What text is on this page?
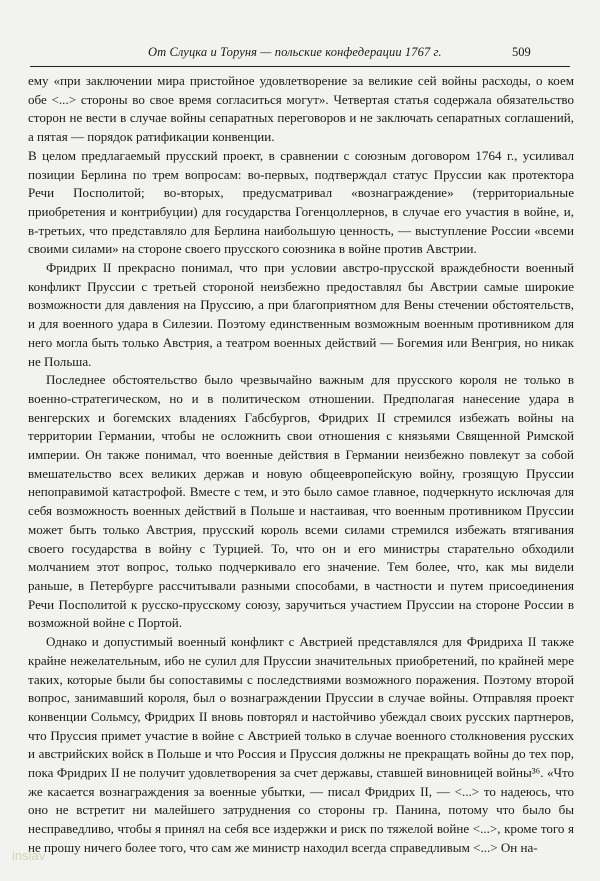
От Слуцка и Торуня — польские конфедерации 1767 г.	509

ему «при заключении мира пристойное удовлетворение за великие сей войны расходы, о коем обе <...> стороны во свое время согласиться могут». Четвертая статья содержала обязательство сторон не вести в случае войны сепаратных переговоров и не заключать сепаратных соглашений, а пятая — порядок ратификации конвенции.

В целом предлагаемый прусский проект, в сравнении с союзным договором 1764 г., усиливал позиции Берлина по трем вопросам: во-первых, подтверждал статус Пруссии как протектора Речи Посполитой; во-вторых, предусматривал «вознаграждение» (территориальные приобретения и контрибуции) для государства Гогенцоллернов, в случае его участия в войне, и, в-третьих, что представляло для Берлина наибольшую ценность, — выступление России «всеми своими силами» на стороне своего прусского союзника в войне против Австрии.

Фридрих II прекрасно понимал, что при условии австро-прусской враждебности военный конфликт Пруссии с третьей стороной неизбежно предоставлял бы Австрии самые широкие возможности для давления на Пруссию, а при благоприятном для Вены стечении обстоятельств, и для военного удара в Силезии. Поэтому единственным возможным военным противником для него могла быть только Австрия, а театром военных действий — Богемия или Венгрия, но никак не Польша.

Последнее обстоятельство было чрезвычайно важным для прусского короля не только в военно-стратегическом, но и в политическом отношении. Предполагая нанесение удара в венгерских и богемских владениях Габсбургов, Фридрих II стремился избежать войны на территории Германии, чтобы не осложнить свои отношения с князьями Священной Римской империи. Он также понимал, что военные действия в Германии неизбежно повлекут за собой вмешательство всех великих держав и новую общеевропейскую войну, грозящую Пруссии непоправимой катастрофой. Вместе с тем, и это было самое главное, подчеркнуто исключая для себя возможность военных действий в Польше и настаивая, что военным противником Пруссии может быть только Австрия, прусский король всеми силами стремился избежать втягивания своего государства в войну с Турцией. То, что он и его министры старательно обходили молчанием этот вопрос, только подчеркивало его значение. Тем более, что, как мы видели раньше, в Петербурге рассчитывали разными способами, в частности и путем присоединения Речи Посполитой к русско-прусскому союзу, заручиться участием Пруссии на стороне России в возможной войне с Портой.

Однако и допустимый военный конфликт с Австрией представлялся для Фридриха II также крайне нежелательным, ибо не сулил для Пруссии значительных приобретений, по крайней мере таких, которые были бы сопоставимы с последствиями возможного поражения. Поэтому второй вопрос, занимавший короля, был о вознаграждении Пруссии в случае войны. Отправляя проект конвенции Сольмсу, Фридрих II вновь повторял и настойчиво убеждал своих русских партнеров, что Пруссия примет участие в войне с Австрией только в случае военного столкновения русских и австрийских войск в Польше и что Россия и Пруссия должны не прекращать войны до тех пор, пока Фридрих II не получит удовлетворения за счет державы, ставшей виновницей войны³⁶. «Что же касается вознаграждения за военные убытки, — писал Фридрих II, — <...> то надеюсь, что оно не встретит ни малейшего затруднения со стороны гр. Панина, потому что было бы несправедливо, чтобы я принял на себя все издержки и риск по тяжелой войне <...>, кроме того я не прошу ничего более того, что сам же министр находил всегда справедливым <...> Он на-

inslav
